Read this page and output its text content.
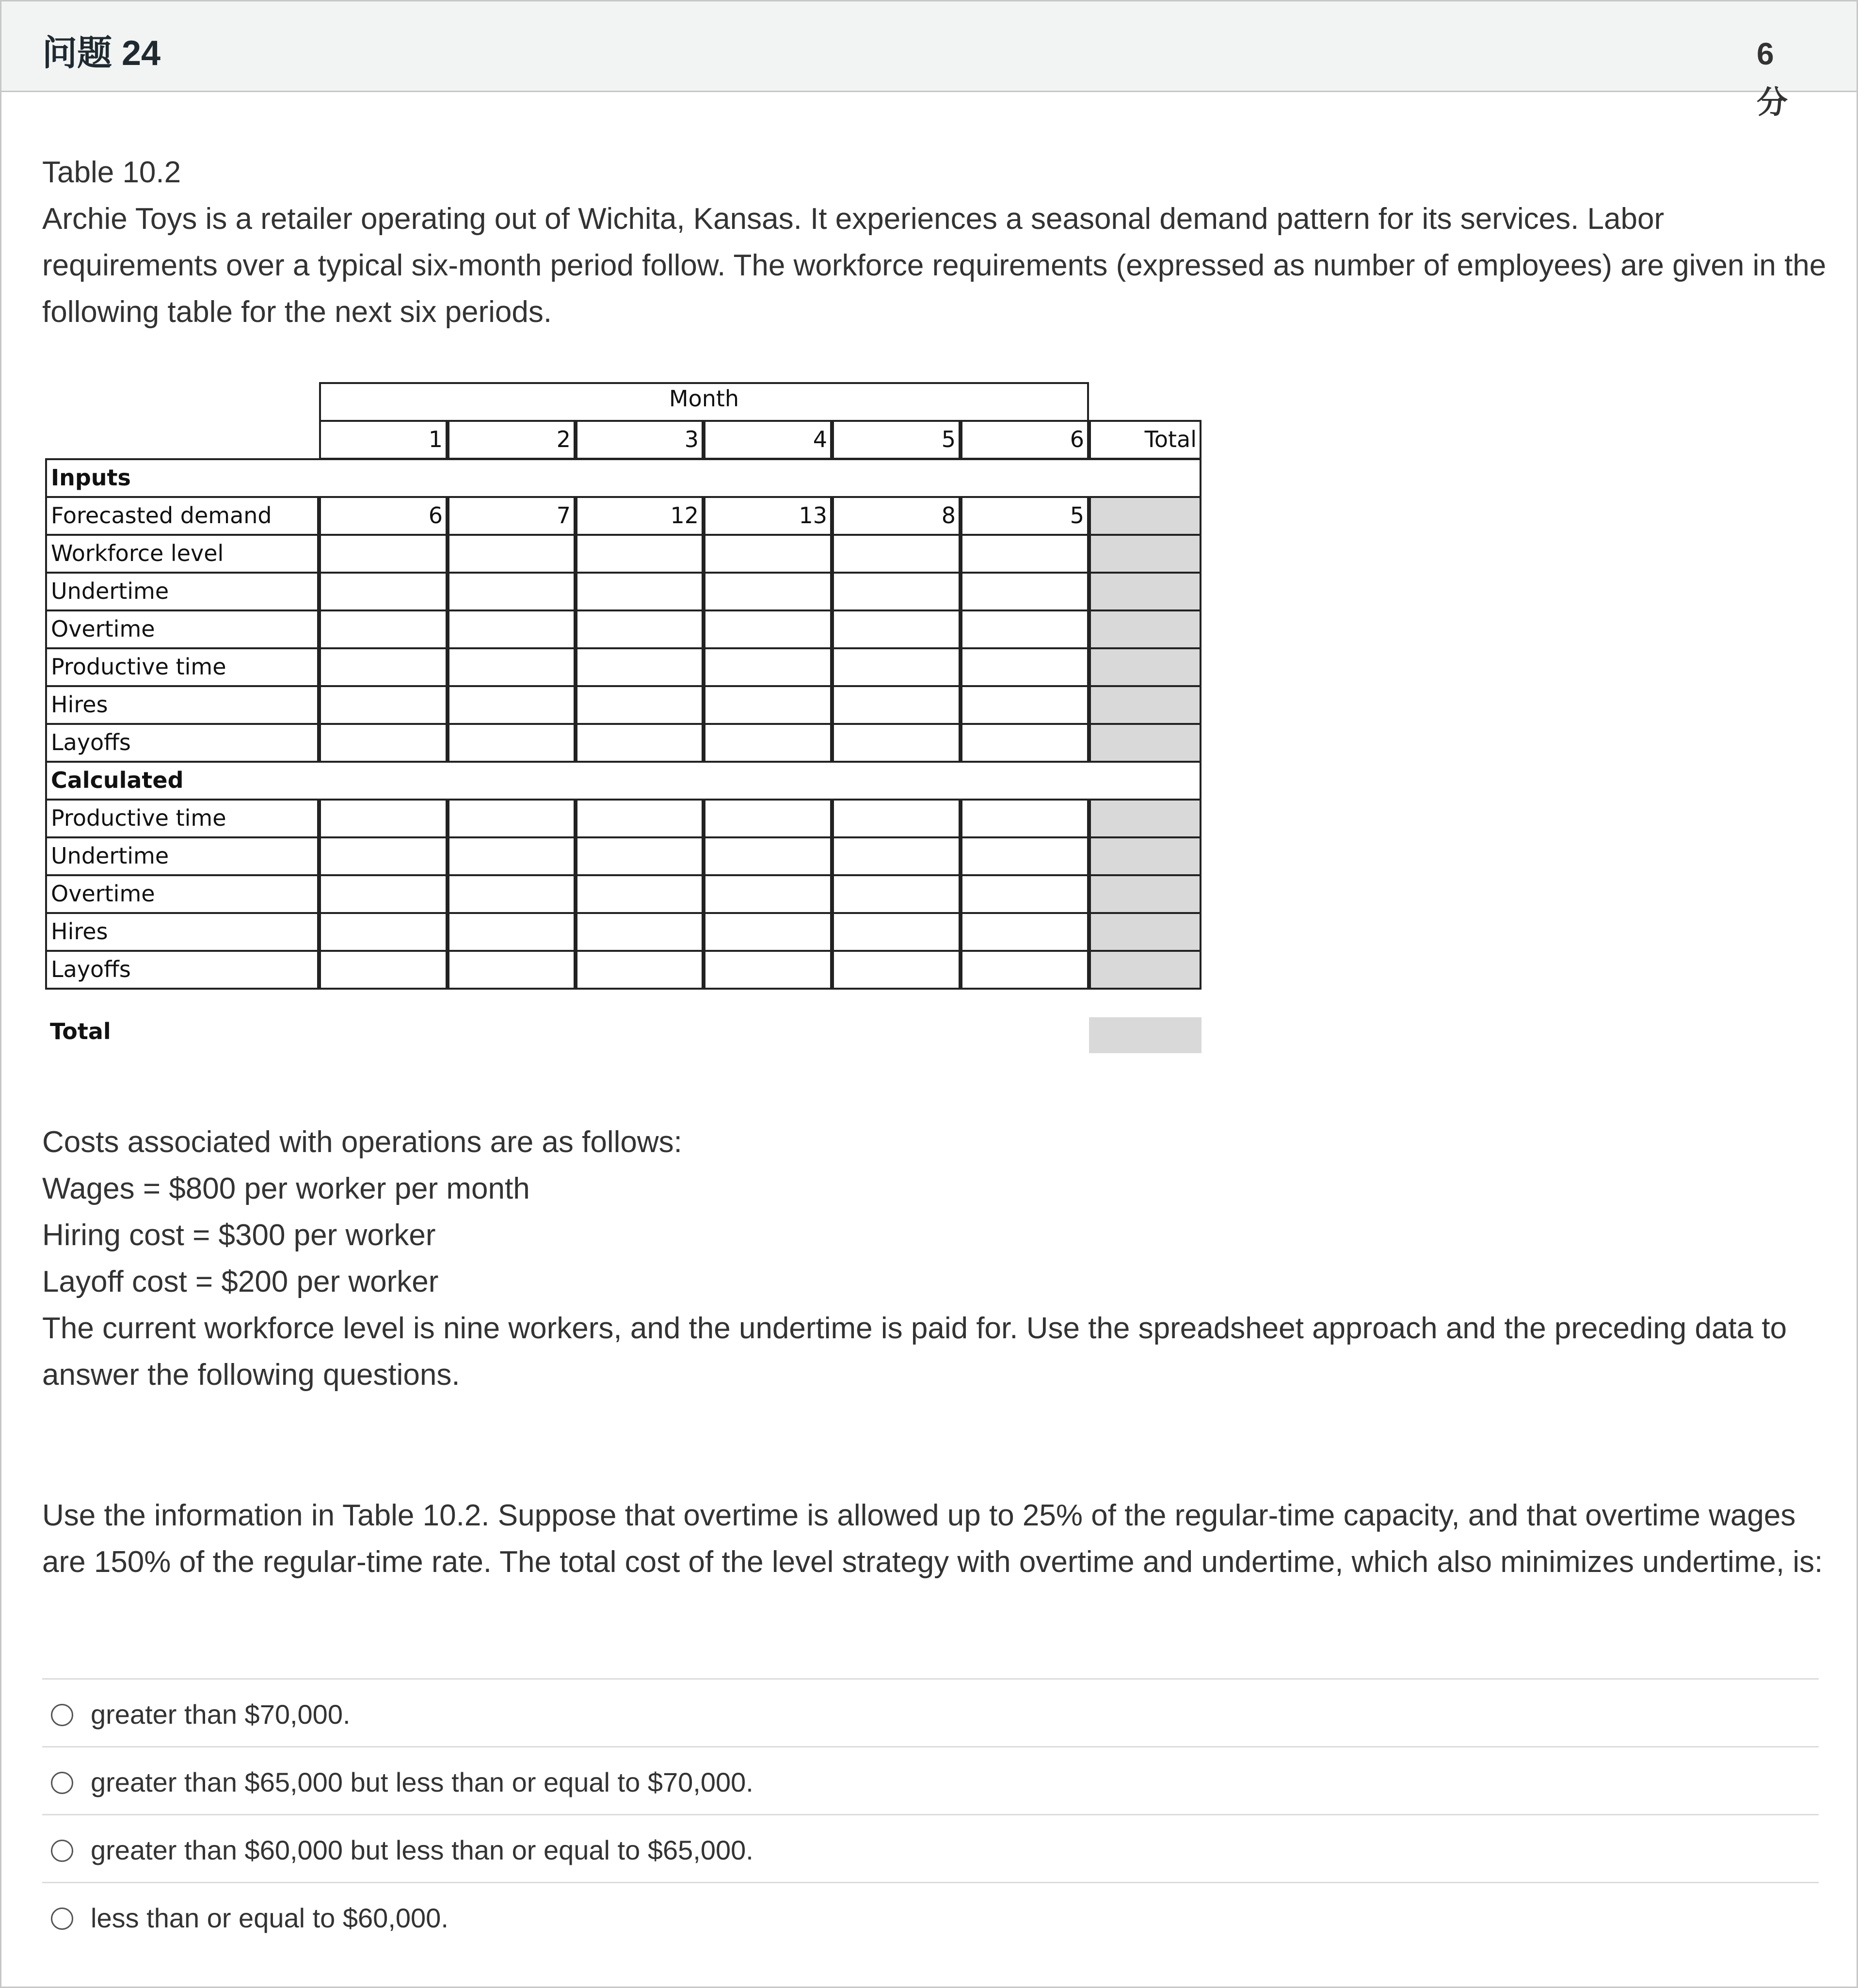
问题 24	6
分

Table 10.2

Archie Toys is a retailer operating out of Wichita, Kansas. It experiences a seasonal demand pattern for its services. Labor requirements over a typical six-month period follow. The workforce requirements (expressed as number of employees) are given in the following table for the next six periods.

Month
1	2	3	4	5	6	Total
Inputs
Forecasted demand	6	7	12	13	8	5
Workforce level
Undertime
Overtime
Productive time
Hires
Layoffs
Calculated
Productive time
Undertime
Overtime
Hires
Layoffs
Total

Costs associated with operations are as follows:

Wages = $800 per worker per month

Hiring cost = $300 per worker

Layoff cost = $200 per worker

The current workforce level is nine workers, and the undertime is paid for. Use the spreadsheet approach and the preceding data to answer the following questions.

Use the information in Table 10.2. Suppose that overtime is allowed up to 25% of the regular-time capacity, and that overtime wages are 150% of the regular-time rate. The total cost of the level strategy with overtime and undertime, which also minimizes undertime, is:
greater than $70,000.
greater than $65,000 but less than or equal to $70,000.
greater than $60,000 but less than or equal to $65,000.
less than or equal to $60,000.
